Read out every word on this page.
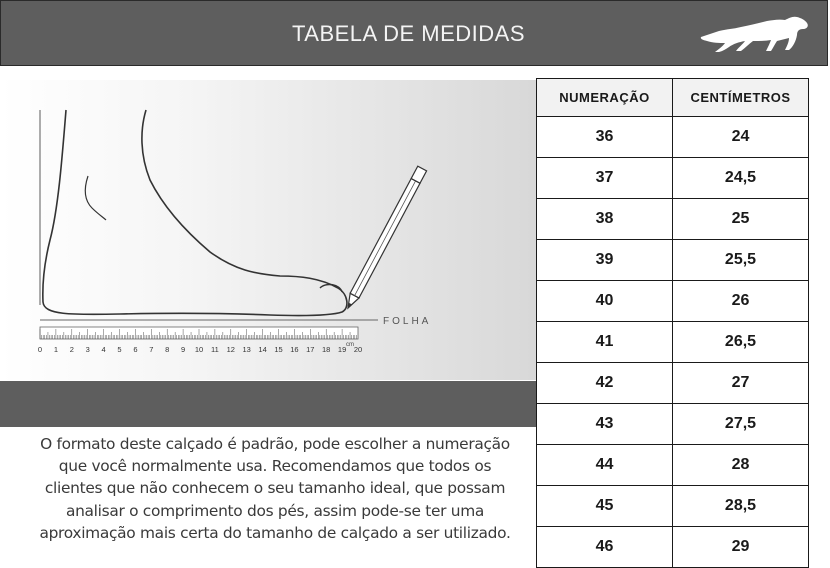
TABELA DE MEDIDAS
FOLHA
0 1 2 3 4 5 6 7 8 9 10 11 12 13 14 15 16 17 18 19 20
cm
O formato deste calçado é padrão, pode escolher a numeração
que você normalmente usa. Recomendamos que todos os
clientes que não conhecem o seu tamanho ideal, que possam
analisar o comprimento dos pés, assim pode-se ter uma
aproximação mais certa do tamanho de calçado a ser utilizado.
NUMERAÇÃO	CENTÍMETROS
36	24
37	24,5
38	25
39	25,5
40	26
41	26,5
42	27
43	27,5
44	28
45	28,5
46	29
